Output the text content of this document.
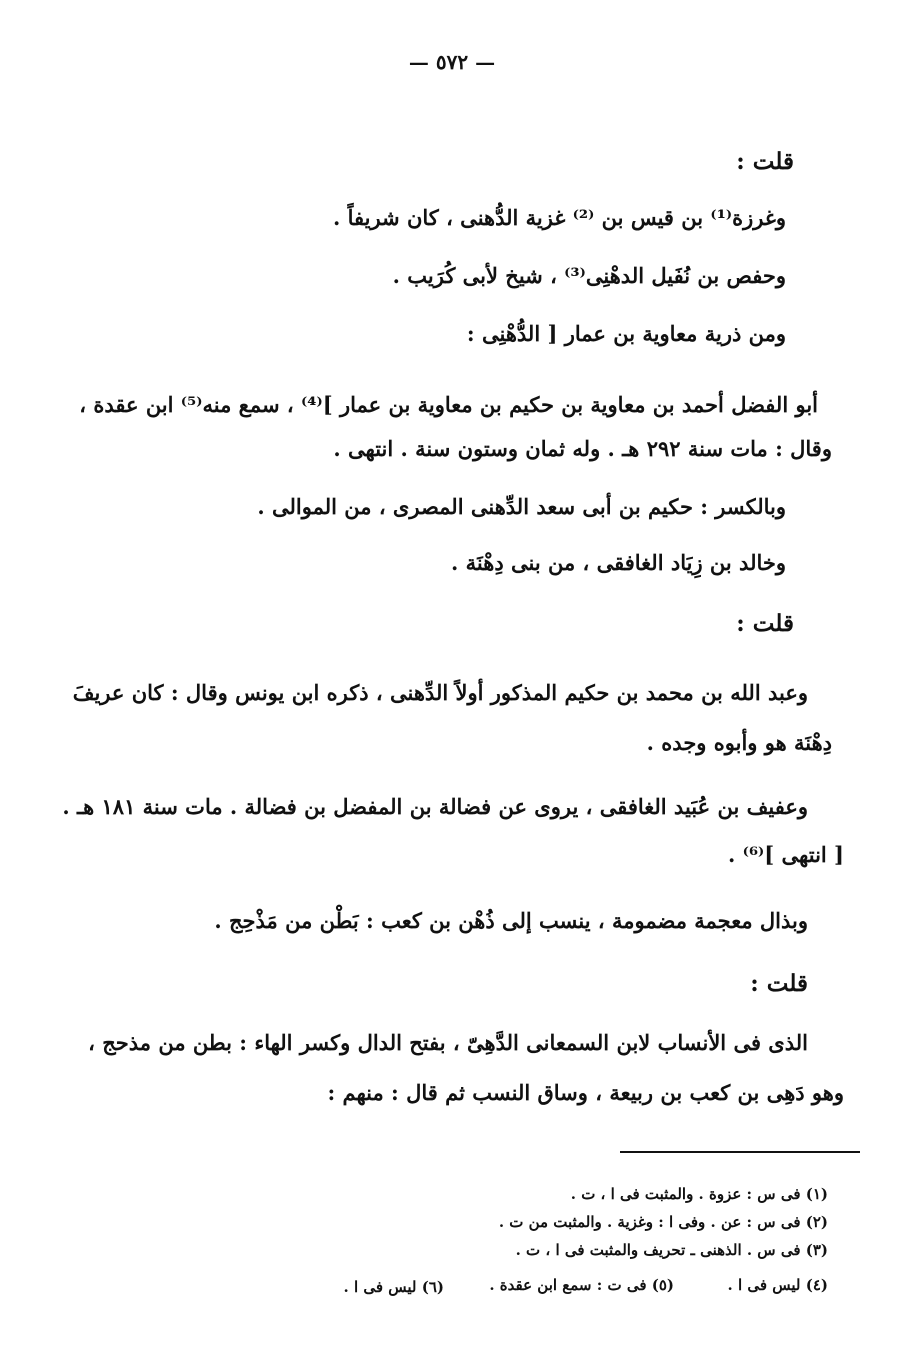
— ٥٧٢ —
قلت :
وغرزة⁽¹⁾ بن قيس بن ⁽²⁾ غزية الدُّهنى ، كان شريفاً .
وحفص بن نُفَيل الدهْنِى⁽³⁾ ، شيخ لأبى كُرَيب .
ومن ذرية معاوية بن عمار [ الدُّهْنِى :
أبو الفضل أحمد بن معاوية بن حكيم بن معاوية بن عمار ]⁽⁴⁾ ، سمع منه⁽⁵⁾ ابن عقدة ،
وقال : مات سنة ٢٩٢ هـ . وله ثمان وستون سنة . انتهى .
وبالكسر : حكيم بن أبى سعد الدِّهنى المصرى ، من الموالى .
وخالد بن زِيَاد الغافقى ، من بنى دِهْنَة .
قلت :
وعبد الله بن محمد بن حكيم المذكور أولاً الدِّهنى ، ذكره ابن يونس وقال : كان عريفَ
دِهْنَة هو وأبوه وجده .
وعفيف بن عُبَيد الغافقى ، يروى عن فضالة بن المفضل بن فضالة . مات سنة ١٨١ هـ .
[ انتهى ]⁽⁶⁾ .
وبذال معجمة مضمومة ، ينسب إلى ذُهْن بن كعب : بَطْن من مَذْحِج .
قلت :
الذى فى الأنساب لابن السمعانى الدَّهِىّ ، بفتح الدال وكسر الهاء : بطن من مذحج ،
وهو دَهِى بن كعب بن ربيعة ، وساق النسب ثم قال : منهم :
(١) فى س : عزوة . والمثبت فى ا ، ت .
(٢) فى س : عن . وفى ا : وغزية . والمثبت من ت .
(٣) فى س . الذهنى ـ تحريف والمثبت فى ا ، ت .
(٤) ليس فى ا .
(٥) فى ت : سمع ابن عقدة .
(٦) ليس فى ا .
